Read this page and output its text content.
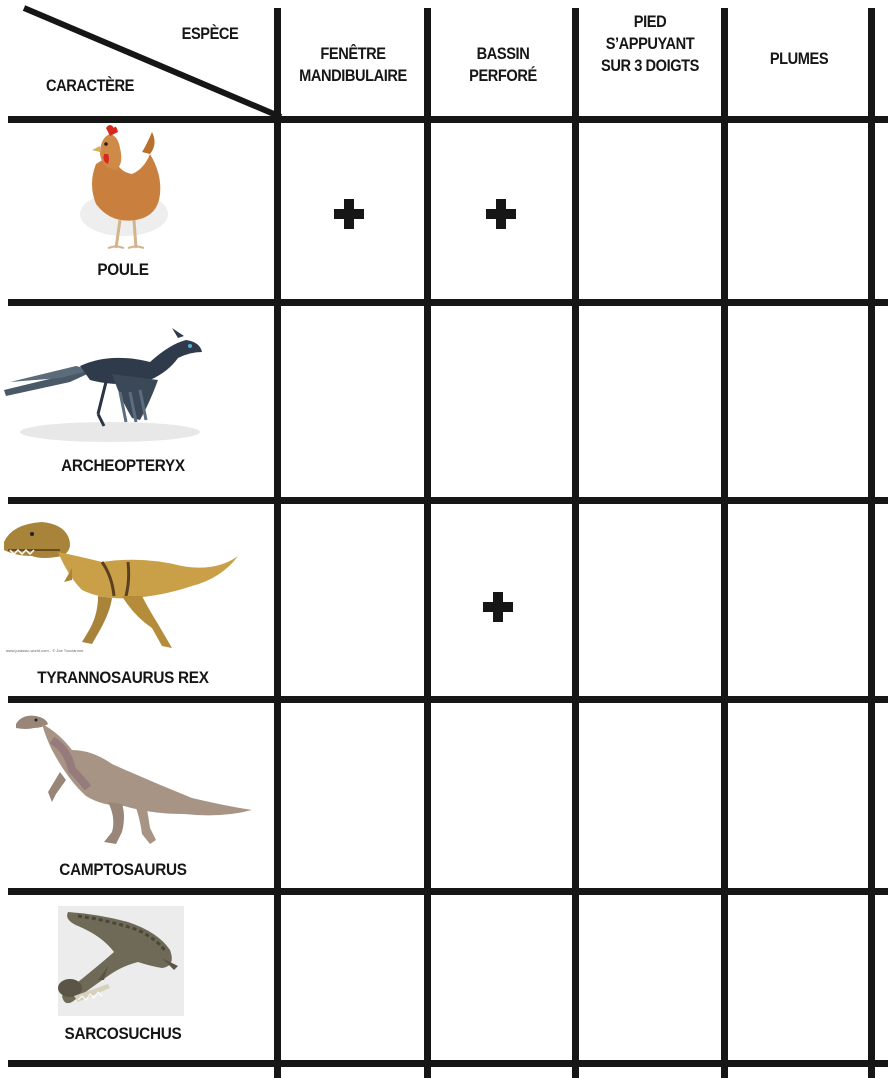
ESPÈCE
CARACTÈRE
FENÊTRE MANDIBULAIRE
BASSIN PERFORÉ
PIED S’APPUYANT SUR 3 DOIGTS	PLUMES
POULE
ARCHEOPTERYX
www.jurassic-world.com - © Joe Tucciarone
TYRANNOSAURUS REX
CAMPTOSAURUS
SARCOSUCHUS
